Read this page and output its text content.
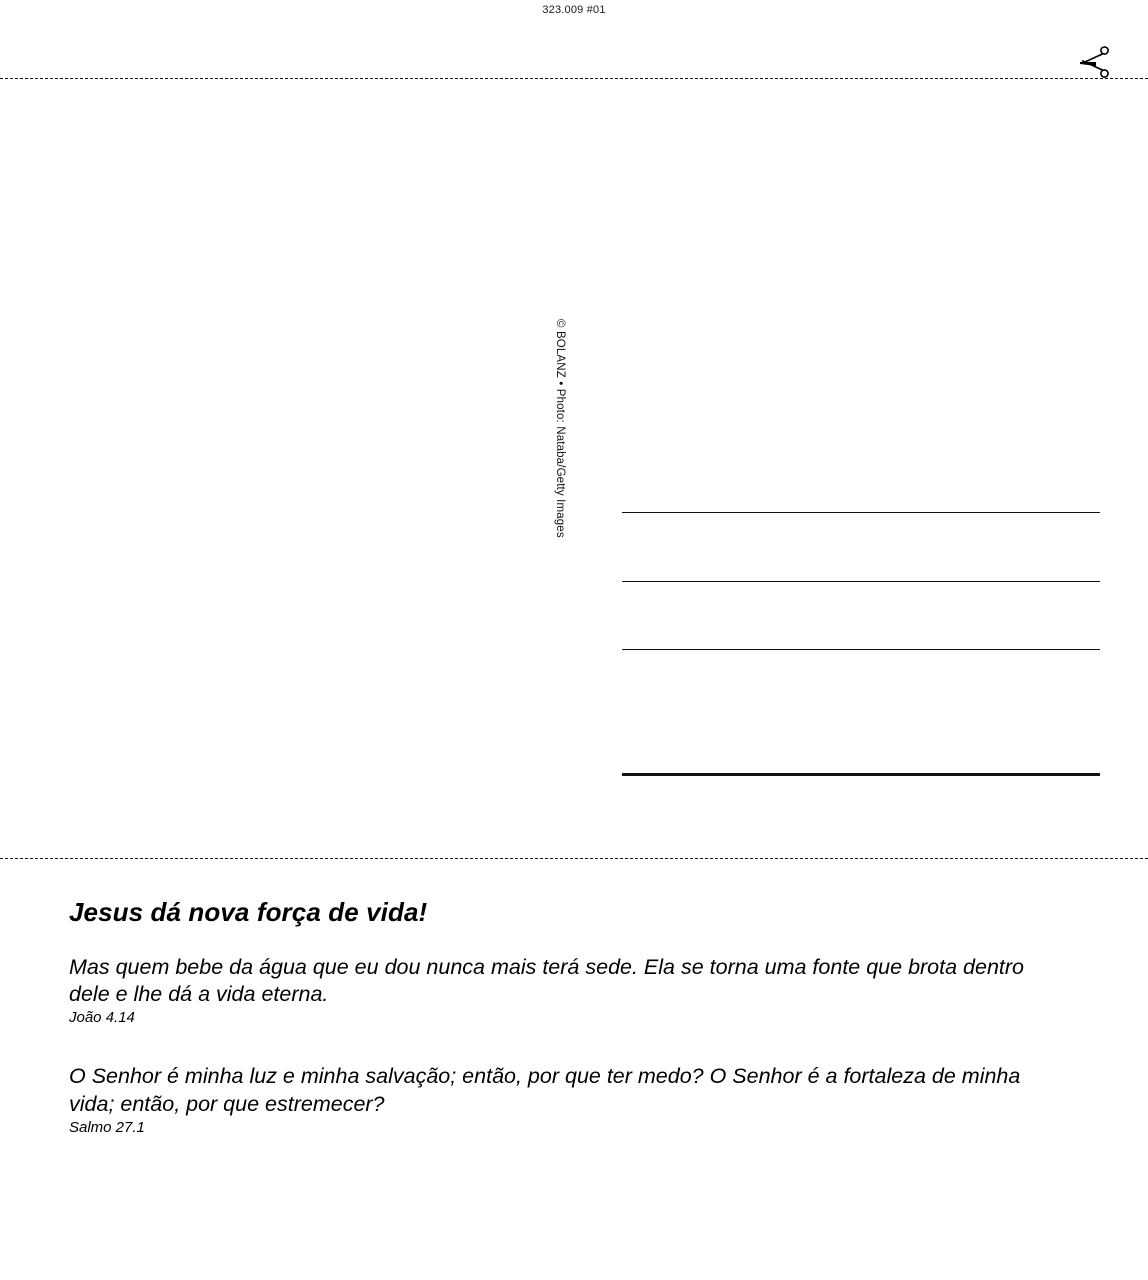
323.009 #01
© BOLANZ • Photo: Nataba/Getty Images
Jesus dá nova força de vida!

Mas quem bebe da água que eu dou nunca mais terá sede. Ela se torna uma fonte que brota dentro dele e lhe dá a vida eterna.

João 4.14

O Senhor é minha luz e minha salvação; então, por que ter medo? O Senhor é a fortaleza de minha vida; então, por que estremecer?

Salmo 27.1
